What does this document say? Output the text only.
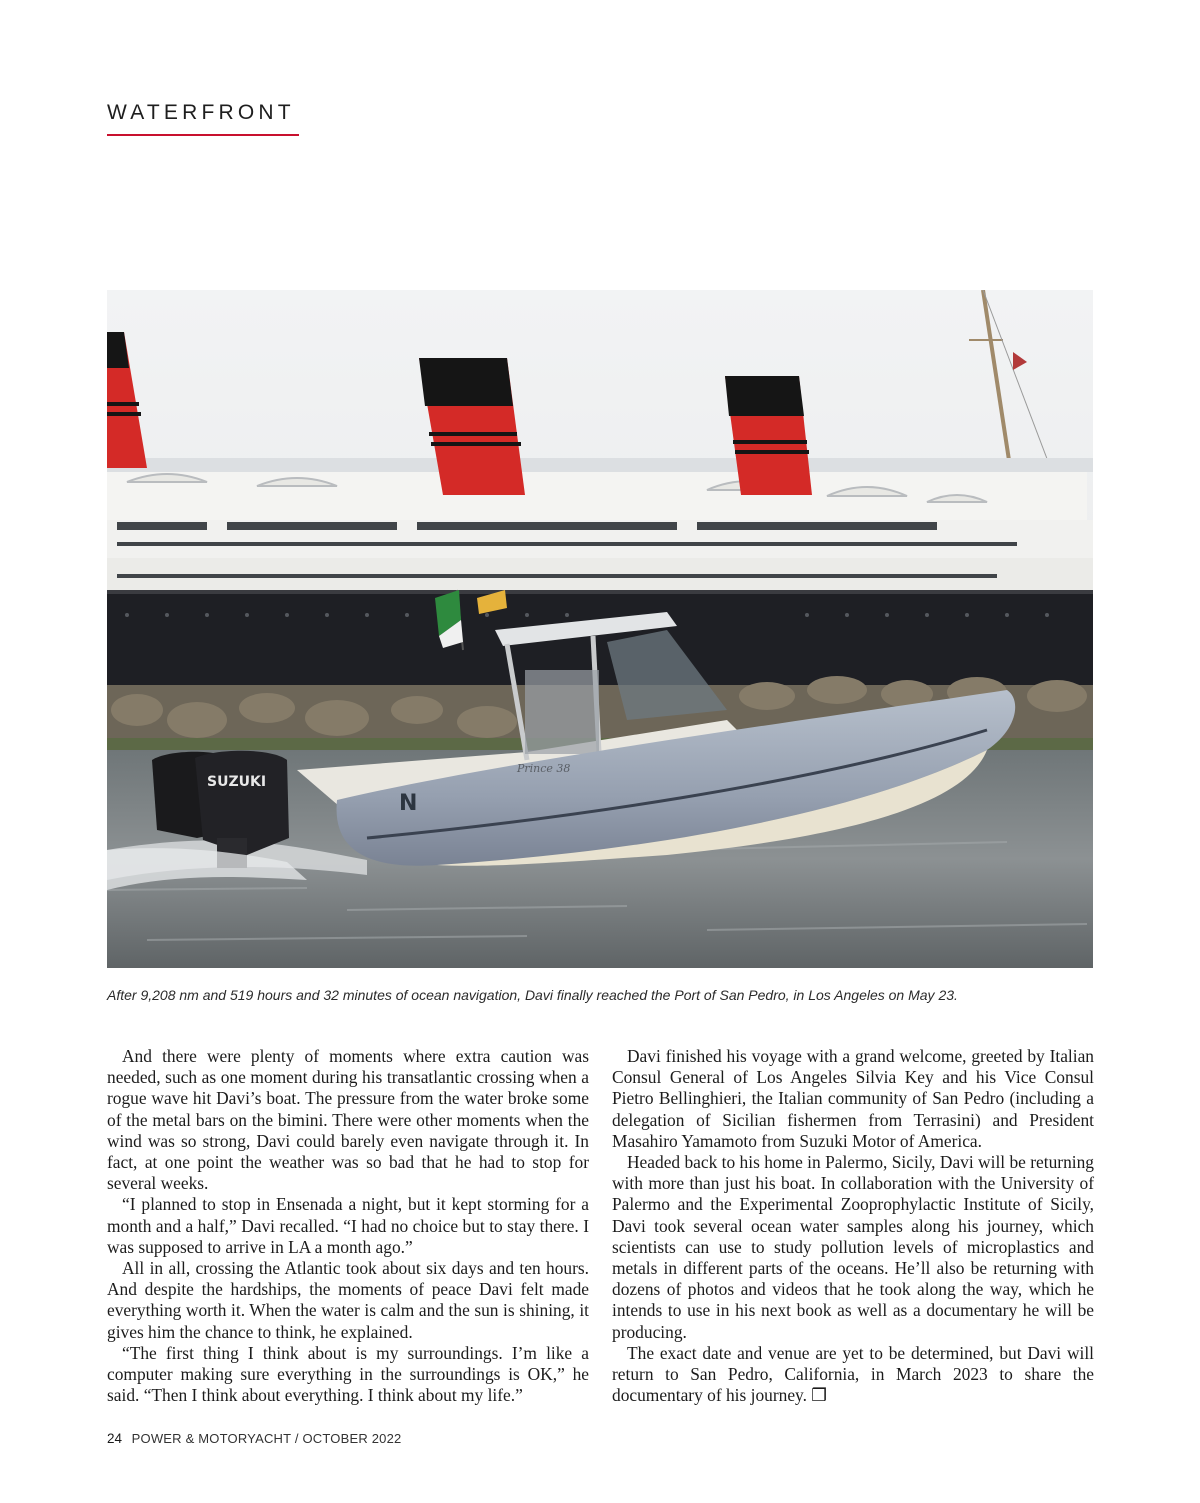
WATERFRONT
N
Prince 38
SUZUKI
After 9,208 nm and 519 hours and 32 minutes of ocean navigation, Davi finally reached the Port of San Pedro, in Los Angeles on May 23.

And there were plenty of moments where extra caution was needed, such as one moment during his transatlantic crossing when a rogue wave hit Davi’s boat. The pressure from the water broke some of the metal bars on the bimini. There were other moments when the wind was so strong, Davi could barely even navigate through it. In fact, at one point the weather was so bad that he had to stop for several weeks.

“I planned to stop in Ensenada a night, but it kept storming for a month and a half,” Davi recalled. “I had no choice but to stay there. I was supposed to arrive in LA a month ago.”

All in all, crossing the Atlantic took about six days and ten hours. And despite the hardships, the moments of peace Davi felt made everything worth it. When the water is calm and the sun is shining, it gives him the chance to think, he explained.

“The first thing I think about is my surroundings. I’m like a computer making sure everything in the surroundings is OK,” he said. “Then I think about everything. I think about my life.”

Davi finished his voyage with a grand welcome, greeted by Italian Consul General of Los Angeles Silvia Key and his Vice Consul Pietro Bellinghieri, the Italian community of San Pedro (including a delegation of Sicilian fishermen from Terrasini) and President Masahiro Yamamoto from Suzuki Motor of America.

Headed back to his home in Palermo, Sicily, Davi will be returning with more than just his boat. In collaboration with the University of Palermo and the Experimental Zooprophylactic Institute of Sicily, Davi took several ocean water samples along his journey, which scientists can use to study pollution levels of microplastics and metals in different parts of the oceans. He’ll also be returning with dozens of photos and videos that he took along the way, which he intends to use in his next book as well as a documentary he will be producing.

The exact date and venue are yet to be determined, but Davi will return to San Pedro, California, in March 2023 to share the documentary of his journey. ❒

24 POWER & MOTORYACHT / OCTOBER 2022
